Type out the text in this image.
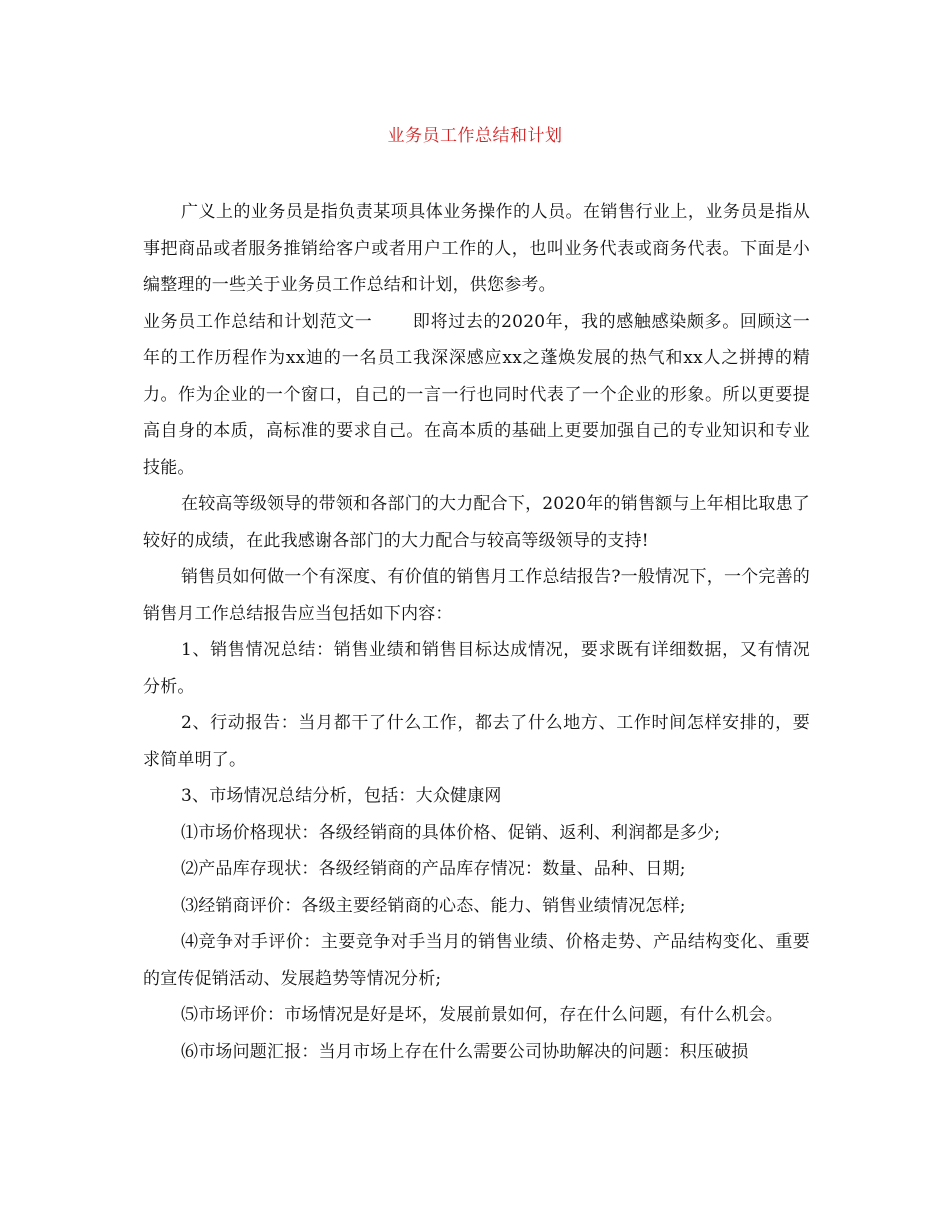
业务员工作总结和计划

广义上的业务员是指负责某项具体业务操作的人员。在销售行业上，业务员是指从事把商品或者服务推销给客户或者用户工作的人，也叫业务代表或商务代表。下面是小编整理的一些关于业务员工作总结和计划，供您参考。

业务员工作总结和计划范文一 即将过去的2020年，我的感触感染颇多。回顾这一年的工作历程作为xx迪的一名员工我深深感应xx之蓬焕发展的热气和xx人之拼搏的精力。作为企业的一个窗口，自己的一言一行也同时代表了一个企业的形象。所以更要提高自身的本质，高标准的要求自己。在高本质的基础上更要加强自己的专业知识和专业技能。

在较高等级领导的带领和各部门的大力配合下，2020年的销售额与上年相比取患了较好的成绩，在此我感谢各部门的大力配合与较高等级领导的支持!

销售员如何做一个有深度、有价值的销售月工作总结报告?一般情况下，一个完善的销售月工作总结报告应当包括如下内容：

1、销售情况总结：销售业绩和销售目标达成情况，要求既有详细数据，又有情况分析。

2、行动报告：当月都干了什么工作，都去了什么地方、工作时间怎样安排的，要求简单明了。

3、市场情况总结分析，包括：大众健康网

⑴市场价格现状：各级经销商的具体价格、促销、返利、利润都是多少;

⑵产品库存现状：各级经销商的产品库存情况：数量、品种、日期;

⑶经销商评价：各级主要经销商的心态、能力、销售业绩情况怎样;

⑷竞争对手评价：主要竞争对手当月的销售业绩、价格走势、产品结构变化、重要的宣传促销活动、发展趋势等情况分析;

⑸市场评价：市场情况是好是坏，发展前景如何，存在什么问题，有什么机会。

⑹市场问题汇报：当月市场上存在什么需要公司协助解决的问题：积压破损
